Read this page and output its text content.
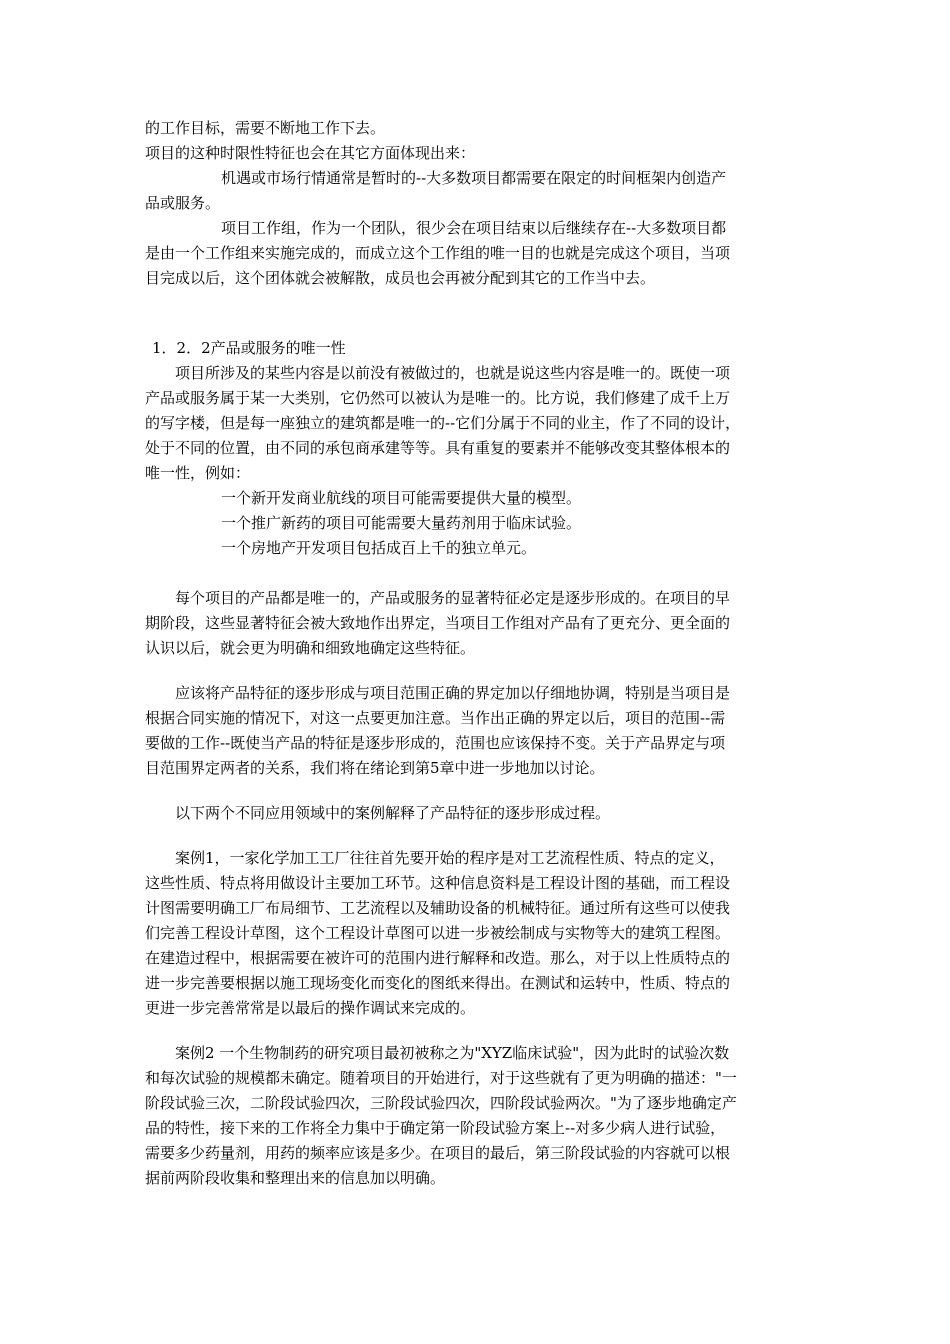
的工作目标，需要不断地工作下去。
项目的这种时限性特征也会在其它方面体现出来：
机遇或市场行情通常是暂时的--大多数项目都需要在限定的时间框架内创造产
品或服务。
项目工作组，作为一个团队，很少会在项目结束以后继续存在--大多数项目都
是由一个工作组来实施完成的，而成立这个工作组的唯一目的也就是完成这个项目，当项
目完成以后，这个团体就会被解散，成员也会再被分配到其它的工作当中去。
1．2．2产品或服务的唯一性
项目所涉及的某些内容是以前没有被做过的，也就是说这些内容是唯一的。既使一项
产品或服务属于某一大类别，它仍然可以被认为是唯一的。比方说，我们修建了成千上万
的写字楼，但是每一座独立的建筑都是唯一的--它们分属于不同的业主，作了不同的设计，
处于不同的位置，由不同的承包商承建等等。具有重复的要素并不能够改变其整体根本的
唯一性，例如：
一个新开发商业航线的项目可能需要提供大量的模型。
一个推广新药的项目可能需要大量药剂用于临床试验。
一个房地产开发项目包括成百上千的独立单元。
每个项目的产品都是唯一的，产品或服务的显著特征必定是逐步形成的。在项目的早
期阶段，这些显著特征会被大致地作出界定，当项目工作组对产品有了更充分、更全面的
认识以后，就会更为明确和细致地确定这些特征。
应该将产品特征的逐步形成与项目范围正确的界定加以仔细地协调，特别是当项目是
根据合同实施的情况下，对这一点要更加注意。当作出正确的界定以后，项目的范围--需
要做的工作--既使当产品的特征是逐步形成的，范围也应该保持不变。关于产品界定与项
目范围界定两者的关系，我们将在绪论到第5章中进一步地加以讨论。
以下两个不同应用领域中的案例解释了产品特征的逐步形成过程。
案例1，一家化学加工工厂往往首先要开始的程序是对工艺流程性质、特点的定义，
这些性质、特点将用做设计主要加工环节。这种信息资料是工程设计图的基础，而工程设
计图需要明确工厂布局细节、工艺流程以及辅助设备的机械特征。通过所有这些可以使我
们完善工程设计草图，这个工程设计草图可以进一步被绘制成与实物等大的建筑工程图。
在建造过程中，根据需要在被许可的范围内进行解释和改造。那么，对于以上性质特点的
进一步完善要根据以施工现场变化而变化的图纸来得出。在测试和运转中，性质、特点的
更进一步完善常常是以最后的操作调试来完成的。
案例2 一个生物制药的研究项目最初被称之为"XYZ临床试验"，因为此时的试验次数
和每次试验的规模都未确定。随着项目的开始进行，对于这些就有了更为明确的描述："一
阶段试验三次，二阶段试验四次，三阶段试验四次，四阶段试验两次。"为了逐步地确定产
品的特性，接下来的工作将全力集中于确定第一阶段试验方案上--对多少病人进行试验，
需要多少药量剂，用药的频率应该是多少。在项目的最后，第三阶段试验的内容就可以根
据前两阶段收集和整理出来的信息加以明确。
